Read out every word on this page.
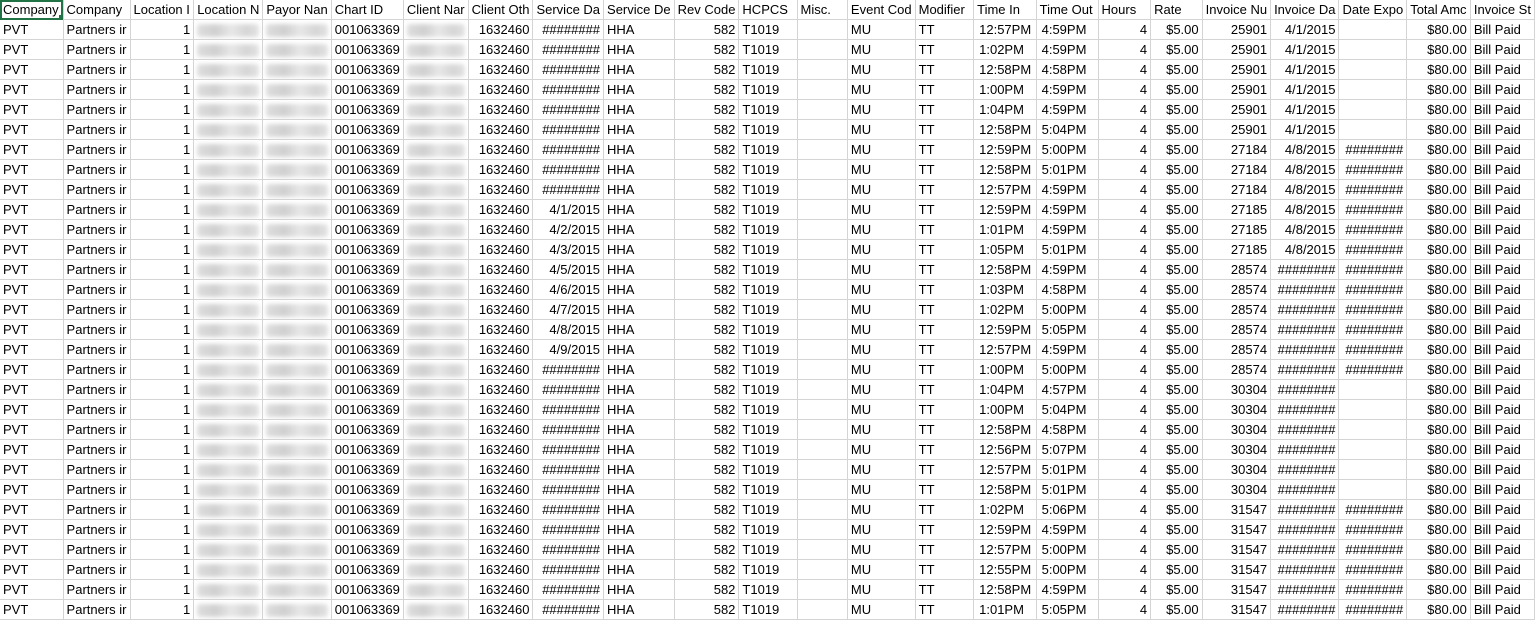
Company	Company	Location I	Location N	Payor Nan	Chart ID	Client Nar	Client Oth	Service Da	Service De	Rev Code	HCPCS	Misc.	Event Cod	Modifier	Time In	Time Out	Hours	Rate	Invoice Nu	Invoice Da	Date Expo	Total Amc	Invoice St
PVT	Partners ir	1			001063369		1632460	########	HHA	582	T1019		MU	TT	12:57PM	4:59PM	4	$5.00	25901	4/1/2015		$80.00	Bill Paid
PVT	Partners ir	1			001063369		1632460	########	HHA	582	T1019		MU	TT	1:02PM	4:59PM	4	$5.00	25901	4/1/2015		$80.00	Bill Paid
PVT	Partners ir	1			001063369		1632460	########	HHA	582	T1019		MU	TT	12:58PM	4:58PM	4	$5.00	25901	4/1/2015		$80.00	Bill Paid
PVT	Partners ir	1			001063369		1632460	########	HHA	582	T1019		MU	TT	1:00PM	4:59PM	4	$5.00	25901	4/1/2015		$80.00	Bill Paid
PVT	Partners ir	1			001063369		1632460	########	HHA	582	T1019		MU	TT	1:04PM	4:59PM	4	$5.00	25901	4/1/2015		$80.00	Bill Paid
PVT	Partners ir	1			001063369		1632460	########	HHA	582	T1019		MU	TT	12:58PM	5:04PM	4	$5.00	25901	4/1/2015		$80.00	Bill Paid
PVT	Partners ir	1			001063369		1632460	########	HHA	582	T1019		MU	TT	12:59PM	5:00PM	4	$5.00	27184	4/8/2015	########	$80.00	Bill Paid
PVT	Partners ir	1			001063369		1632460	########	HHA	582	T1019		MU	TT	12:58PM	5:01PM	4	$5.00	27184	4/8/2015	########	$80.00	Bill Paid
PVT	Partners ir	1			001063369		1632460	########	HHA	582	T1019		MU	TT	12:57PM	4:59PM	4	$5.00	27184	4/8/2015	########	$80.00	Bill Paid
PVT	Partners ir	1			001063369		1632460	4/1/2015	HHA	582	T1019		MU	TT	12:59PM	4:59PM	4	$5.00	27185	4/8/2015	########	$80.00	Bill Paid
PVT	Partners ir	1			001063369		1632460	4/2/2015	HHA	582	T1019		MU	TT	1:01PM	4:59PM	4	$5.00	27185	4/8/2015	########	$80.00	Bill Paid
PVT	Partners ir	1			001063369		1632460	4/3/2015	HHA	582	T1019		MU	TT	1:05PM	5:01PM	4	$5.00	27185	4/8/2015	########	$80.00	Bill Paid
PVT	Partners ir	1			001063369		1632460	4/5/2015	HHA	582	T1019		MU	TT	12:58PM	4:59PM	4	$5.00	28574	########	########	$80.00	Bill Paid
PVT	Partners ir	1			001063369		1632460	4/6/2015	HHA	582	T1019		MU	TT	1:03PM	4:58PM	4	$5.00	28574	########	########	$80.00	Bill Paid
PVT	Partners ir	1			001063369		1632460	4/7/2015	HHA	582	T1019		MU	TT	1:02PM	5:00PM	4	$5.00	28574	########	########	$80.00	Bill Paid
PVT	Partners ir	1			001063369		1632460	4/8/2015	HHA	582	T1019		MU	TT	12:59PM	5:05PM	4	$5.00	28574	########	########	$80.00	Bill Paid
PVT	Partners ir	1			001063369		1632460	4/9/2015	HHA	582	T1019		MU	TT	12:57PM	4:59PM	4	$5.00	28574	########	########	$80.00	Bill Paid
PVT	Partners ir	1			001063369		1632460	########	HHA	582	T1019		MU	TT	1:00PM	5:00PM	4	$5.00	28574	########	########	$80.00	Bill Paid
PVT	Partners ir	1			001063369		1632460	########	HHA	582	T1019		MU	TT	1:04PM	4:57PM	4	$5.00	30304	########		$80.00	Bill Paid
PVT	Partners ir	1			001063369		1632460	########	HHA	582	T1019		MU	TT	1:00PM	5:04PM	4	$5.00	30304	########		$80.00	Bill Paid
PVT	Partners ir	1			001063369		1632460	########	HHA	582	T1019		MU	TT	12:58PM	4:58PM	4	$5.00	30304	########		$80.00	Bill Paid
PVT	Partners ir	1			001063369		1632460	########	HHA	582	T1019		MU	TT	12:56PM	5:07PM	4	$5.00	30304	########		$80.00	Bill Paid
PVT	Partners ir	1			001063369		1632460	########	HHA	582	T1019		MU	TT	12:57PM	5:01PM	4	$5.00	30304	########		$80.00	Bill Paid
PVT	Partners ir	1			001063369		1632460	########	HHA	582	T1019		MU	TT	12:58PM	5:01PM	4	$5.00	30304	########		$80.00	Bill Paid
PVT	Partners ir	1			001063369		1632460	########	HHA	582	T1019		MU	TT	1:02PM	5:06PM	4	$5.00	31547	########	########	$80.00	Bill Paid
PVT	Partners ir	1			001063369		1632460	########	HHA	582	T1019		MU	TT	12:59PM	4:59PM	4	$5.00	31547	########	########	$80.00	Bill Paid
PVT	Partners ir	1			001063369		1632460	########	HHA	582	T1019		MU	TT	12:57PM	5:00PM	4	$5.00	31547	########	########	$80.00	Bill Paid
PVT	Partners ir	1			001063369		1632460	########	HHA	582	T1019		MU	TT	12:55PM	5:00PM	4	$5.00	31547	########	########	$80.00	Bill Paid
PVT	Partners ir	1			001063369		1632460	########	HHA	582	T1019		MU	TT	12:58PM	4:59PM	4	$5.00	31547	########	########	$80.00	Bill Paid
PVT	Partners ir	1			001063369		1632460	########	HHA	582	T1019		MU	TT	1:01PM	5:05PM	4	$5.00	31547	########	########	$80.00	Bill Paid
